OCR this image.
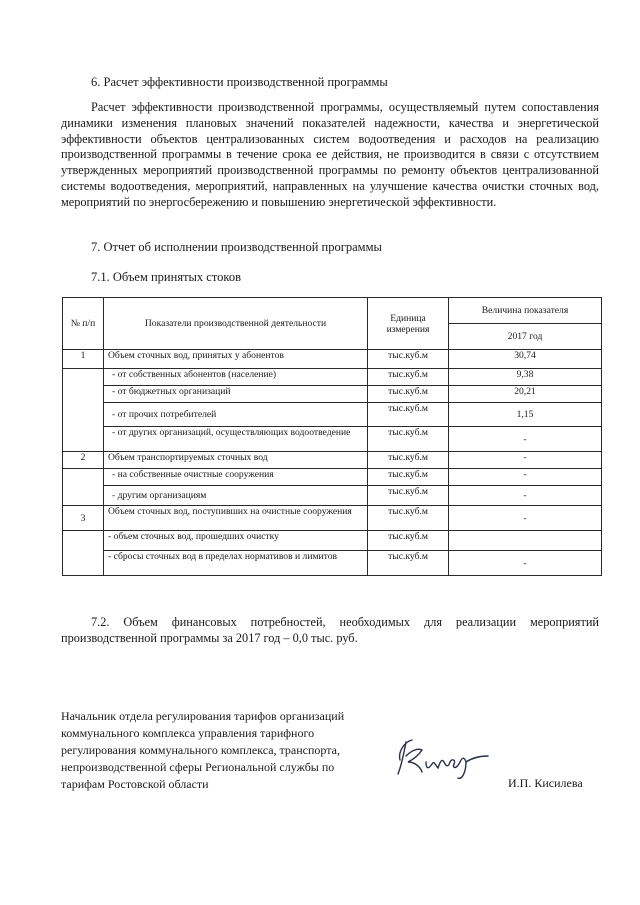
6. Расчет эффективности производственной программы

Расчет эффективности производственной программы, осуществляемый путем сопоставления динамики изменения плановых значений показателей надежности, качества и энергетической эффективности объектов централизованных систем водоотведения и расходов на реализацию производственной программы в течение срока ее действия, не производится в связи с отсутствием утвержденных мероприятий производственной программы по ремонту объектов централизованной системы водоотведения, мероприятий, направленных на улучшение качества очистки сточных вод, мероприятий по энергосбережению и повышению энергетической эффективности.

7. Отчет об исполнении производственной программы

7.1. Объем принятых стоков

№ п/п	Показатели производственной деятельности	Единица измерения	Величина показателя
			2017 год
1	Объем сточных вод, принятых у абонентов	тыс.куб.м	30,74
	- от собственных абонентов (население)	тыс.куб.м	9,38
	- от бюджетных организаций	тыс.куб.м	20,21
	- от прочих потребителей	тыс.куб.м	1,15
	- от других организаций, осуществляющих водоотведение	тыс.куб.м	-
2	Объем транспортируемых сточных вод	тыс.куб.м	-
	- на собственные очистные сооружения	тыс.куб.м	-
	- другим организациям	тыс.куб.м	-
3	Объем сточных вод, поступивших на очистные сооружения	тыс.куб.м	-
	- объем сточных вод, прошедших очистку	тыс.куб.м	
	- сбросы сточных вод в пределах нормативов и лимитов	тыс.куб.м	-

7.2. Объем финансовых потребностей, необходимых для реализации мероприятий производственной программы за 2017 год – 0,0 тыс. руб.

Начальник отдела регулирования тарифов организаций
коммунального комплекса управления тарифного
регулирования коммунального комплекса, транспорта,
непроизводственной сферы Региональной службы по
тарифам Ростовской области	И.П. Кисилева
